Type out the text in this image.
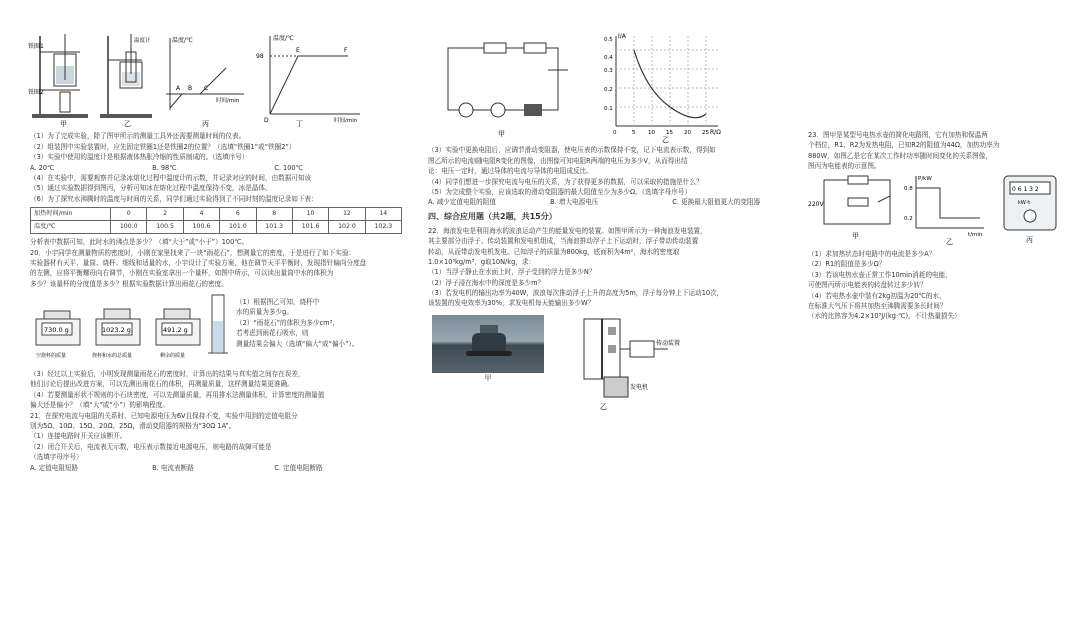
铁圈1
铁圈2
甲
温度计
乙
温度/℃
时间/min
A B C
丙
98
温度/℃
时间/min
D
E	F
丁
（1）为了完成实验，除了图甲所示的测量工具外还需要测量时间的仪表。
（2）组装图中实验装置时，应先固定铁圈1还是铁圈2的位置？（选填“铁圈1”或“铁圈2”）
（3）实验中使用的温度计是根据液体热胀冷缩的性质制成的。（选填序号）
A. 20℃	B. 98℃	C. 100℃
（4）在实验中，需要观察并记录冰熔化过程中温度计的示数，并记录对应的时间，由数据可知该
（5）通过实验数据得到图丙，分析可知冰在熔化过程中温度保持不变，冰是晶体。
（6）为了探究水沸腾时的温度与时间的关系，同学们通过实验得到了不同时刻的温度记录如下表：
加热时间/min	0	2	4	6	8	10	12	14
温度/℃	100.0	100.5	100.6	101.0	101.3	101.6	102.0	102.3
分析表中数据可知，此时水的沸点是多少？（填“大于”或“小于”）100℃。
20．小宇同学在测量物质的密度时，小刚在家里找来了一块“雨花石”，想测量它的密度，于是进行了如下实验：
实验器材有天平、量筒、烧杯、细线和适量的水，小宇设计了实验方案，他在调节天平平衡时，发现指针偏向分度盘
的左侧，应将平衡螺母向右调节，小刚在实验室拿出一个量杯，如图中所示，可以读出量筒中水的体积为
多少？该量杯的分度值是多少？根据实验数据计算出雨花石的密度。
730.0 g
空烧杯的质量
1023.2 g
烧杯和水的总质量
491.2 g
剩余的质量
（1）根据图乙可知，烧杯中
水的质量为多少g。
（2）“雨花石”的体积为多少cm³，
若考虑到雨花石吸水，则
测量结果会偏大（选填“偏大”或“偏小”）。
（3）经过以上实验后，小明发现测量雨花石的密度时，计算出的结果与真实值之间存在误差，
他们讨论后提出改进方案，可以先测出雨花石的体积，再测量质量，这样测量结果更准确。
（4）若要测量形状不规则的小石块密度，可以先测量质量，再用排水法测量体积，计算密度的测量值
偏大还是偏小？（填“大”或“小”）的影响程度。
21．在探究电流与电阻的关系时，已知电源电压为6V且保持不变，实验中用到的定值电阻分
别为5Ω、10Ω、15Ω、20Ω、25Ω，滑动变阻器的规格为“30Ω 1A”。
（1）连接电路时开关应该断开。
（2）闭合开关后，电流表无示数，电压表示数接近电源电压，则电路的故障可能是
（选填字母序号）
A. 定值电阻短路	B. 电流表断路	C. 定值电阻断路
甲
I/A
R/Ω
0.5
0.4
0.3
0.2
0.1
0	5 10 15 20 25
乙
（3）实验中更换电阻后，应调节滑动变阻器，使电压表的示数保持不变，记下电流表示数，得到如
图乙所示的电流I随电阻R变化的图像，由图像可知电阻R两端的电压为多少V，从而得出结
论：电压一定时，通过导体的电流与导体的电阻成反比。
（4）同学们想进一步探究电流与电压的关系，为了获得更多的数据，可以采取的措施是什么？
（5）为完成整个实验，应该选取的滑动变阻器的最大阻值至少为多少Ω。（选填字母序号）
A. 减少定值电阻的阻值	B. 增大电源电压	C. 更换最大阻值更大的变阻器
四、综合应用题（共2题，共15分）
22．海浪发电是利用海水的波浪运动产生的能量发电的装置。如图甲所示为一种海浪发电装置，
其主要部分由浮子、传动装置和发电机组成，当海浪推动浮子上下运动时，浮子带动传动装置
转动，从而带动发电机发电。已知浮子的质量为800kg，底面积为4m²，海水的密度取
1.0×10³kg/m³，g取10N/kg，求：
（1）当浮子静止在水面上时，浮子受到的浮力是多少N？
（2）浮子浸在海水中的深度是多少m？
（3）若发电机的输出功率为40W，波浪每次推动浮子上升的高度为5m，浮子每分钟上下运动10次，
该装置的发电效率为30%，求发电机每天能输出多少W？
甲
传动装置
发电机
乙
23．图甲是某型号电热水壶的简化电路图，它有加热和保温两
个档位，R1、R2为发热电阻，已知R2的阻值为44Ω，加热功率为
880W，如图乙是它在某次工作时功率随时间变化的关系图像，
图丙为电能表的示意图。
220V
甲
P/kW
0.8
0.2
t/min
乙
0 6 1 3 2
kW·h
丙
（1）求加热状态时电路中的电流是多少A？
（2）R1的阻值是多少Ω？
（3）若该电热水壶正常工作10min消耗的电能，
可使图丙所示电能表的转盘转过多少转？
（4）若电热水壶中装有2kg初温为20℃的水，
在标准大气压下将其加热至沸腾需要多长时间？
（水的比热容为4.2×10³J/(kg·℃)，不计热量损失）
